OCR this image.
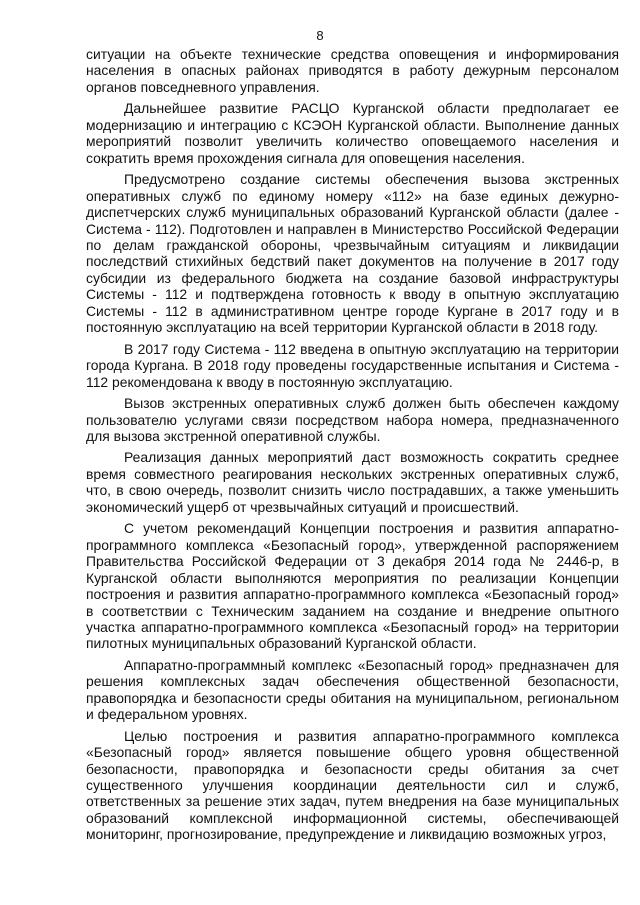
8

ситуации на объекте технические средства оповещения и информирования населения в опасных районах приводятся в работу дежурным персоналом органов повседневного управления.

Дальнейшее развитие РАСЦО Курганской области предполагает ее модернизацию и интеграцию с КСЭОН Курганской области. Выполнение данных мероприятий позволит увеличить количество оповещаемого населения и сократить время прохождения сигнала для оповещения населения.

Предусмотрено создание системы обеспечения вызова экстренных оперативных служб по единому номеру «112» на базе единых дежурно-диспетчерских служб муниципальных образований Курганской области (далее - Система - 112). Подготовлен и направлен в Министерство Российской Федерации по делам гражданской обороны, чрезвычайным ситуациям и ликвидации последствий стихийных бедствий пакет документов на получение в 2017 году субсидии из федерального бюджета на создание базовой инфраструктуры Системы - 112 и подтверждена готовность к вводу в опытную эксплуатацию Системы - 112 в административном центре городе Кургане в 2017 году и в постоянную эксплуатацию на всей территории Курганской области в 2018 году.

В 2017 году Система - 112 введена в опытную эксплуатацию на территории города Кургана. В 2018 году проведены государственные испытания и Система - 112 рекомендована к вводу в постоянную эксплуатацию.

Вызов экстренных оперативных служб должен быть обеспечен каждому пользователю услугами связи посредством набора номера, предназначенного для вызова экстренной оперативной службы.

Реализация данных мероприятий даст возможность сократить среднее время совместного реагирования нескольких экстренных оперативных служб, что, в свою очередь, позволит снизить число пострадавших, а также уменьшить экономический ущерб от чрезвычайных ситуаций и происшествий.

С учетом рекомендаций Концепции построения и развития аппаратно-программного комплекса «Безопасный город», утвержденной распоряжением Правительства Российской Федерации от 3 декабря 2014 года № 2446-р, в Курганской области выполняются мероприятия по реализации Концепции построения и развития аппаратно-программного комплекса «Безопасный город» в соответствии с Техническим заданием на создание и внедрение опытного участка аппаратно-программного комплекса «Безопасный город» на территории пилотных муниципальных образований Курганской области.

Аппаратно-программный комплекс «Безопасный город» предназначен для решения комплексных задач обеспечения общественной безопасности, правопорядка и безопасности среды обитания на муниципальном, региональном и федеральном уровнях.

Целью построения и развития аппаратно-программного комплекса «Безопасный город» является повышение общего уровня общественной безопасности, правопорядка и безопасности среды обитания за счет существенного улучшения координации деятельности сил и служб, ответственных за решение этих задач, путем внедрения на базе муниципальных образований комплексной информационной системы, обеспечивающей мониторинг, прогнозирование, предупреждение и ликвидацию возможных угроз,
